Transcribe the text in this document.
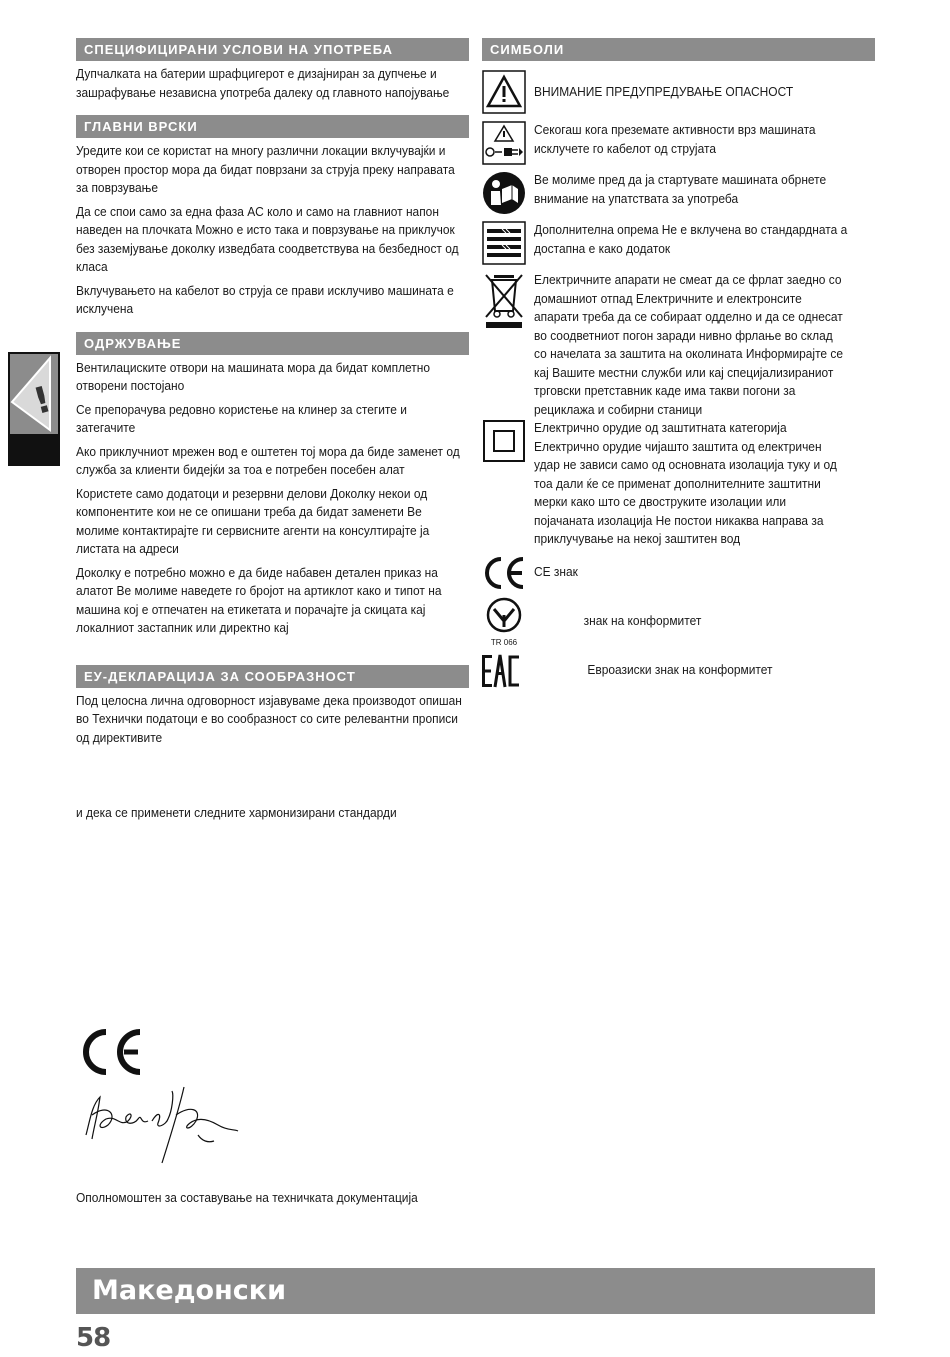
СПЕЦИФИЦИРАНИ УСЛОВИ НА УПОТРЕБА

Дупчалката на батерии шрафцигерот е дизајниран за дупчење и зашрафување независна употреба далеку од главното напојување

ГЛАВНИ ВРСКИ

Уредите кои се користат на многу различни локации вклучувајќи и отворен простор мора да бидат поврзани за струја преку направата за поврзување

Да се спои само за една фаза AC коло и само на главниот напон наведен на плочката Можно е исто така и поврзување на приклучок без заземјување доколку изведбата соодветствува на безбедност од класа

Вклучувањето на кабелот во струја се прави исклучиво машината е исклучена

ОДРЖУВАЊЕ

Вентилациските отвори на машината мора да бидат комплетно отворени постојано

Се препорачува редовно користење на клинер за стегите и затегачите

Ако приклучниот мрежен вод е оштетен тој мора да биде заменет од служба за клиенти бидејќи за тоа е потребен посебен алат

Користете само додатоци и резервни делови Доколку некои од компонентите кои не се опишани треба да бидат заменети Ве молиме контактирајте ги сервисните агенти на консултирајте ја листата на адреси

Доколку е потребно можно е да биде набавен детален приказ на алатот Ве молиме наведете го бројот на артиклот како и типот на машина кој е отпечатен на етикетата и порачајте ја скицата кај локалниот застапник или директно кај

ЕУ-ДЕКЛАРАЦИЈА ЗА СООБРАЗНОСТ

Под целосна лична одговорност изјавуваме дека производот опишан во Технички податоци е во сообразност со сите релевантни прописи од директивите

и дека се применети следните хармонизирани стандарди

!
СИМБОЛИ
ВНИМАНИЕ ПРЕДУПРЕДУВАЊЕ ОПАСНОСТ
Секогаш кога преземате активности врз машината исклучете го кабелот од струјата
Ве молиме пред да ја стартувате машината обрнете внимание на упатствата за употреба
Дополнителна опрема Не е вклучена во стандардната а достапна е како додаток
Електричните апарати не смеат да се фрлат заедно со домашниот отпад Електричните и електронсите апарати треба да се собираат одделно и да се однесат во соодветниот погон заради нивно фрлање во склад со начелата за заштита на околината Информирајте се кај Вашите местни служби или кај специјализираниот трговски претставник каде има такви погони за рециклажа и собирни станици
Електрично орудие од заштитната категорија Електрично орудие чијашто заштита од електричен удар не зависи само од основната изолација туку и од тоа дали ќе се применат дополнителните заштитни мерки како што се двоструките изолации или појачаната изолација Не постои никаква направа за приклучување на некој заштитен вод
CE знак
TR 066
знак на конформитет
Евроазиски знак на конформитет
Ополномоштен за составување на техничката документација
Македонски
58
